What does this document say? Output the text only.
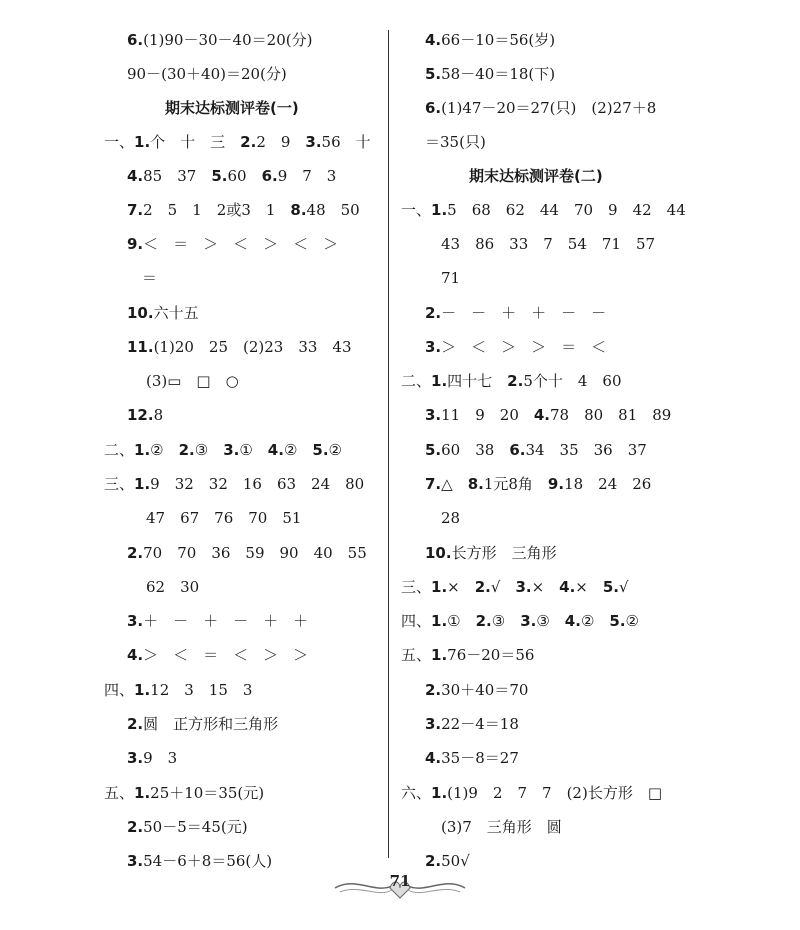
6.(1)90－30－40＝20(分)
90－(30＋40)＝20(分)
期末达标测评卷(一)
一、1.个　十　三　2.2　9　3.56　十
4.85　37　5.60　6.9　7　3
7.2　5　1　2或3　1　8.48　50
9.＜　＝　＞　＜　＞　＜　＞
＝
10.六十五
11.(1)20　25　(2)23　33　43
(3)▭　□　○
12.8
二、1.②　2.③　3.①　4.②　5.②
三、1.9　32　32　16　63　24　80
47　67　76　70　51
2.70　70　36　59　90　40　55
62　30
3.＋　－　＋　－　＋　＋
4.＞　＜　＝　＜　＞　＞
四、1.12　3　15　3
2.圆　正方形和三角形
3.9　3
五、1.25＋10＝35(元)
2.50－5＝45(元)
3.54－6＋8＝56(人)
4.66－10＝56(岁)
5.58－40＝18(下)
6.(1)47－20＝27(只)　(2)27＋8
＝35(只)
期末达标测评卷(二)
一、1.5　68　62　44　70　9　42　44
43　86　33　7　54　71　57
71
2.－　－　＋　＋　－　－
3.＞　＜　＞　＞　＝　＜
二、1.四十七　2.5个十　4　60
3.11　9　20　4.78　80　81　89
5.60　38　6.34　35　36　37
7.△　8.1元8角　9.18　24　26
28
10.长方形　三角形
三、1.×　2.√　3.×　4.×　5.√
四、1.①　2.③　3.③　4.②　5.②
五、1.76－20＝56
2.30＋40＝70
3.22－4＝18
4.35－8＝27
六、1.(1)9　2　7　7　(2)长方形　□
(3)7　三角形　圆
2.50√
71
